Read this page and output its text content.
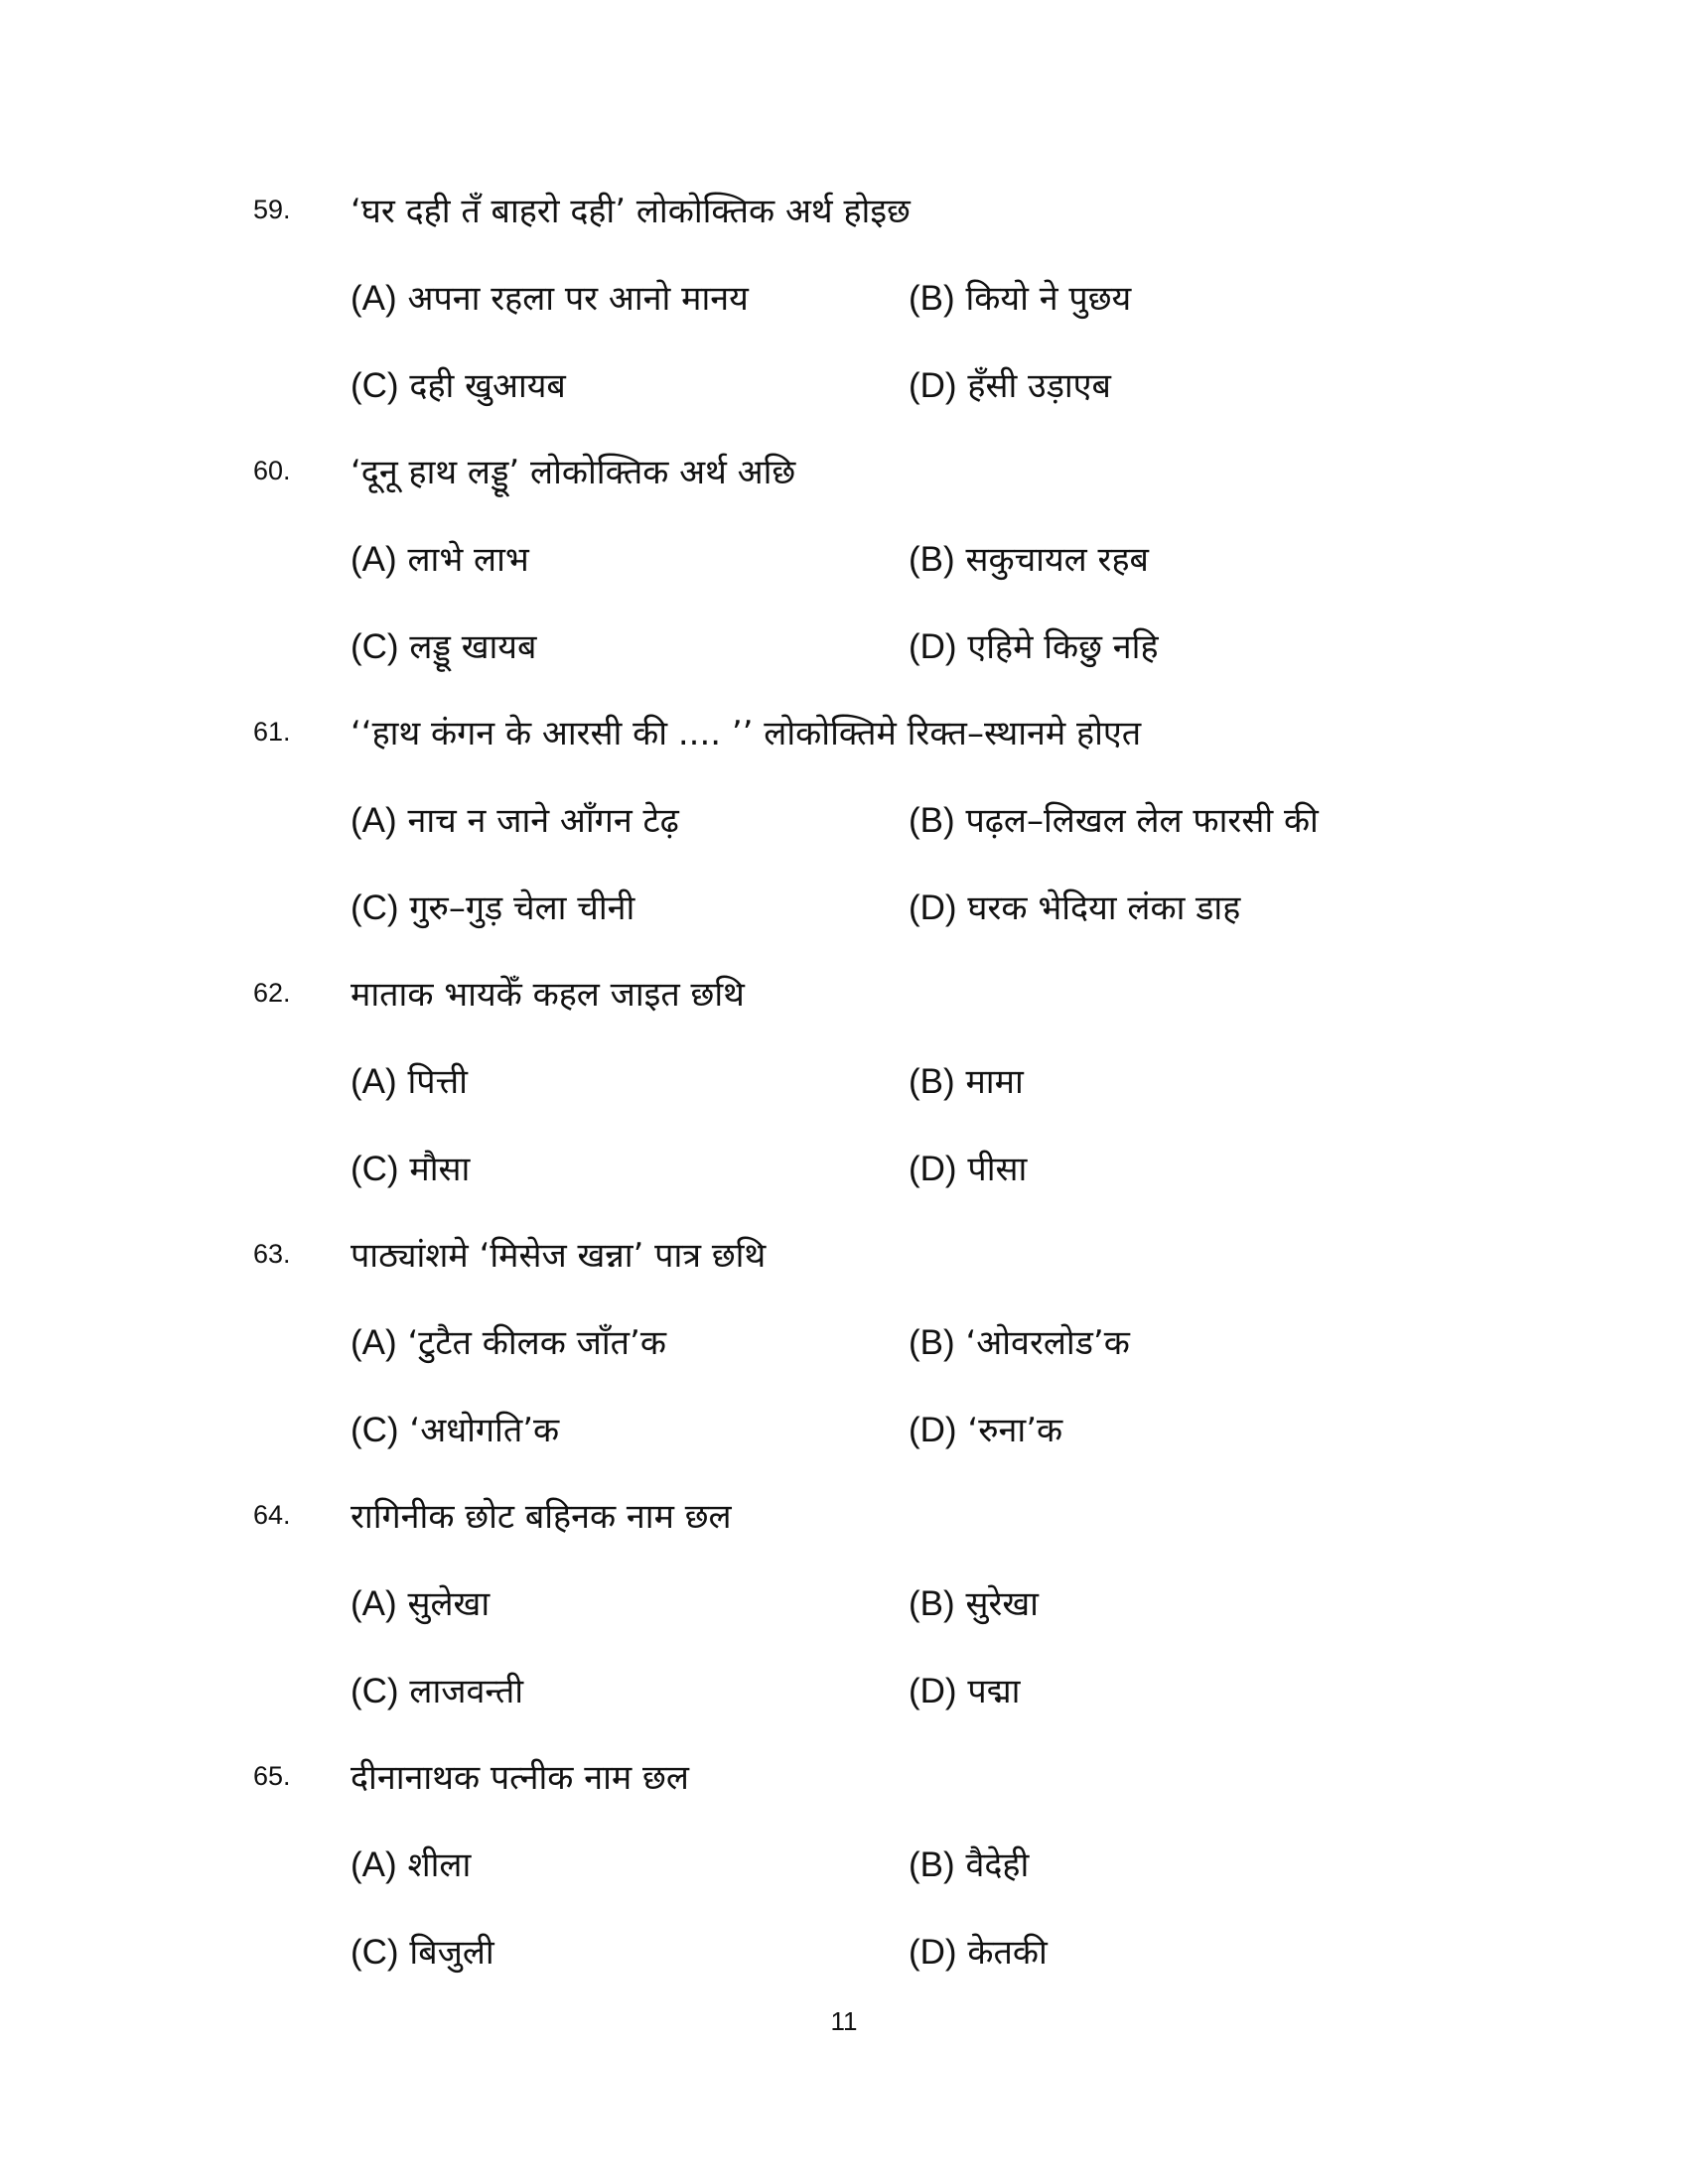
59. ‘घर दही तँ बाहरो दही’ लोकोक्तिक अर्थ होइछ
(A) अपना रहला पर आनो मानय	(B) कियो ने पुछय
(C) दही खुआयब	(D) हँसी उड़ाएब
60. ‘दूनू हाथ लड्डू’ लोकोक्तिक अर्थ अछि
(A) लाभे लाभ	(B) सकुचायल रहब
(C) लड्डू खायब	(D) एहिमे किछु नहि
61. ‘‘हाथ कंगन के आरसी की .... ’’ लोकोक्तिमे रिक्त–स्थानमे होएत
(A) नाच न जाने आँगन टेढ़	(B) पढ़ल–लिखल लेल फारसी की
(C) गुरु–गुड़ चेला चीनी	(D) घरक भेदिया लंका डाह
62. माताक भायकेँ कहल जाइत छथि
(A) पित्ती	(B) मामा
(C) मौसा	(D) पीसा
63. पाठ्यांशमे ‘मिसेज खन्ना’ पात्र छथि
(A) ‘टुटैत कीलक जाँत’क	(B) ‘ओवरलोड’क
(C) ‘अधोगति’क	(D) ‘रुना’क
64. रागिनीक छोट बहिनक नाम छल
(A) सुलेखा	(B) सुरेखा
(C) लाजवन्ती	(D) पद्मा
65. दीनानाथक पत्नीक नाम छल
(A) शीला	(B) वैदेही
(C) बिजुली	(D) केतकी
11
